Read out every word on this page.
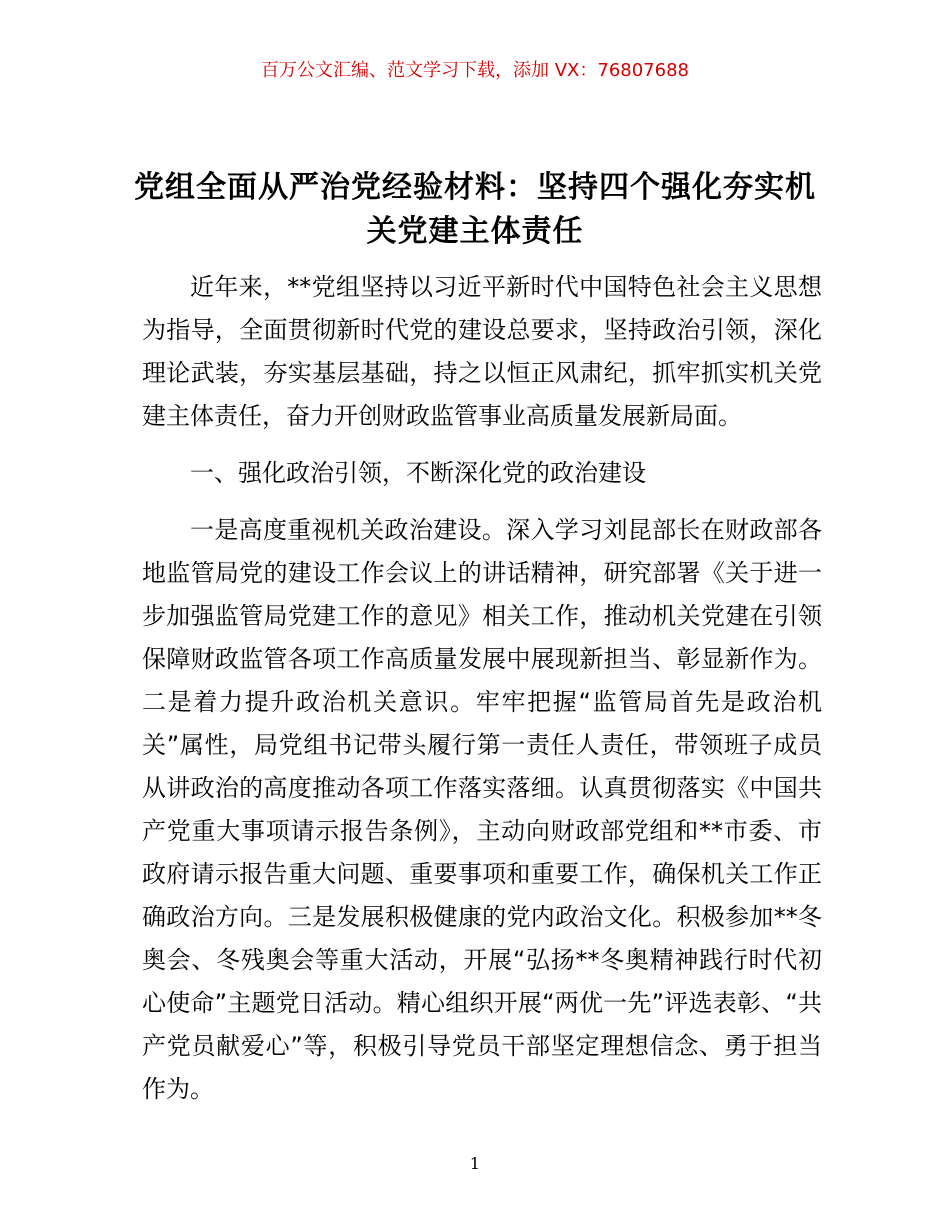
百万公文汇编、范文学习下载，添加 VX：76807688
党组全面从严治党经验材料：坚持四个强化夯实机关党建主体责任

近年来，**党组坚持以习近平新时代中国特色社会主义思想为指导，全面贯彻新时代党的建设总要求，坚持政治引领，深化理论武装，夯实基层基础，持之以恒正风肃纪，抓牢抓实机关党建主体责任，奋力开创财政监管事业高质量发展新局面。

一、强化政治引领，不断深化党的政治建设

一是高度重视机关政治建设。深入学习刘昆部长在财政部各地监管局党的建设工作会议上的讲话精神，研究部署《关于进一步加强监管局党建工作的意见》相关工作，推动机关党建在引领保障财政监管各项工作高质量发展中展现新担当、彰显新作为。二是着力提升政治机关意识。牢牢把握“监管局首先是政治机关”属性，局党组书记带头履行第一责任人责任，带领班子成员从讲政治的高度推动各项工作落实落细。认真贯彻落实《中国共产党重大事项请示报告条例》，主动向财政部党组和**市委、市政府请示报告重大问题、重要事项和重要工作，确保机关工作正确政治方向。三是发展积极健康的党内政治文化。积极参加**冬奥会、冬残奥会等重大活动，开展“弘扬**冬奥精神践行时代初心使命”主题党日活动。精心组织开展“两优一先”评选表彰、“共产党员献爱心”等，积极引导党员干部坚定理想信念、勇于担当作为。

1
